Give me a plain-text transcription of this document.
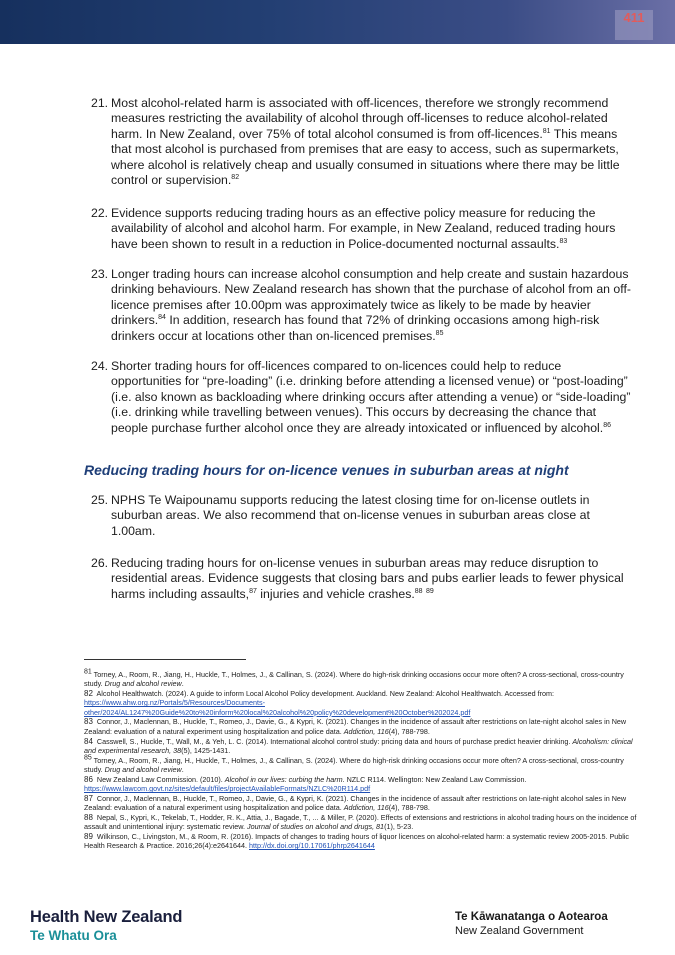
411
21. Most alcohol-related harm is associated with off-licences, therefore we strongly recommend measures restricting the availability of alcohol through off-licenses to reduce alcohol-related harm. In New Zealand, over 75% of total alcohol consumed is from off-licences.$^{81}$ This means that most alcohol is purchased from premises that are easy to access, such as supermarkets, where alcohol is relatively cheap and usually consumed in situations where there may be little control or supervision.$^{82}$
22. Evidence supports reducing trading hours as an effective policy measure for reducing the availability of alcohol and alcohol harm. For example, in New Zealand, reduced trading hours have been shown to result in a reduction in Police-documented nocturnal assaults.$^{83}$
23. Longer trading hours can increase alcohol consumption and help create and sustain hazardous drinking behaviours. New Zealand research has shown that the purchase of alcohol from an off-licence premises after 10.00pm was approximately twice as likely to be made by heavier drinkers.$^{84}$ In addition, research has found that 72% of drinking occasions among high-risk drinkers occur at locations other than on-licenced premises.$^{85}$
24. Shorter trading hours for off-licences compared to on-licences could help to reduce opportunities for “pre-loading” (i.e. drinking before attending a licensed venue) or “post-loading” (i.e. also known as backloading where drinking occurs after attending a venue) or “side-loading” (i.e. drinking while travelling between venues). This occurs by decreasing the chance that people purchase further alcohol once they are already intoxicated or influenced by alcohol.$^{86}$
Reducing trading hours for on-licence venues in suburban areas at night
25. NPHS Te Waipounamu supports reducing the latest closing time for on-license outlets in suburban areas. We also recommend that on-license venues in suburban areas close at 1.00am.
26. Reducing trading hours for on-license venues in suburban areas may reduce disruption to residential areas. Evidence suggests that closing bars and pubs earlier leads to fewer physical harms including assaults,$^{87}$ injuries and vehicle crashes.$^{88}$ $^{89}$
$^{81}$ Torney, A., Room, R., Jiang, H., Huckle, T., Holmes, J., & Callinan, S. (2024). Where do high-risk drinking occasions occur more often? A cross-sectional, cross-country study. Drug and alcohol review.
82 Alcohol Healthwatch. (2024). A guide to inform Local Alcohol Policy development. Auckland. New Zealand: Alcohol Healthwatch. Accessed from: https://www.ahw.org.nz/Portals/5/Resources/Documents-other/2024/AL1247%20Guide%20to%20inform%20local%20alcohol%20policy%20development%20October%202024.pdf
83 Connor, J., Maclennan, B., Huckle, T., Romeo, J., Davie, G., & Kypri, K. (2021). Changes in the incidence of assault after restrictions on late-night alcohol sales in New Zealand: evaluation of a natural experiment using hospitalization and police data. Addiction, 116(4), 788-798.
84 Casswell, S., Huckle, T., Wall, M., & Yeh, L. C. (2014). International alcohol control study: pricing data and hours of purchase predict heavier drinking. Alcoholism: clinical and experimental research, 38(5), 1425-1431.
$^{85}$ Torney, A., Room, R., Jiang, H., Huckle, T., Holmes, J., & Callinan, S. (2024). Where do high-risk drinking occasions occur more often? A cross-sectional, cross-country study. Drug and alcohol review.
86 New Zealand Law Commission. (2010). Alcohol in our lives: curbing the harm. NZLC R114. Wellington: New Zealand Law Commission. https://www.lawcom.govt.nz/sites/default/files/projectAvailableFormats/NZLC%20R114.pdf
87 Connor, J., Maclennan, B., Huckle, T., Romeo, J., Davie, G., & Kypri, K. (2021). Changes in the incidence of assault after restrictions on late-night alcohol sales in New Zealand: evaluation of a natural experiment using hospitalization and police data. Addiction, 116(4), 788-798.
88 Nepal, S., Kypri, K., Tekelab, T., Hodder, R. K., Attia, J., Bagade, T., ... & Miller, P. (2020). Effects of extensions and restrictions in alcohol trading hours on the incidence of assault and unintentional injury: systematic review. Journal of studies on alcohol and drugs, 81(1), 5-23.
89 Wilkinson, C., Livingston, M., & Room, R. (2016). Impacts of changes to trading hours of liquor licences on alcohol-related harm: a systematic review 2005-2015. Public Health Research & Practice. 2016;26(4):e2641644. http://dx.doi.org/10.17061/phrp2641644
Health New Zealand
Te Whatu Ora
Te Kāwanatanga o Aotearoa
New Zealand Government
